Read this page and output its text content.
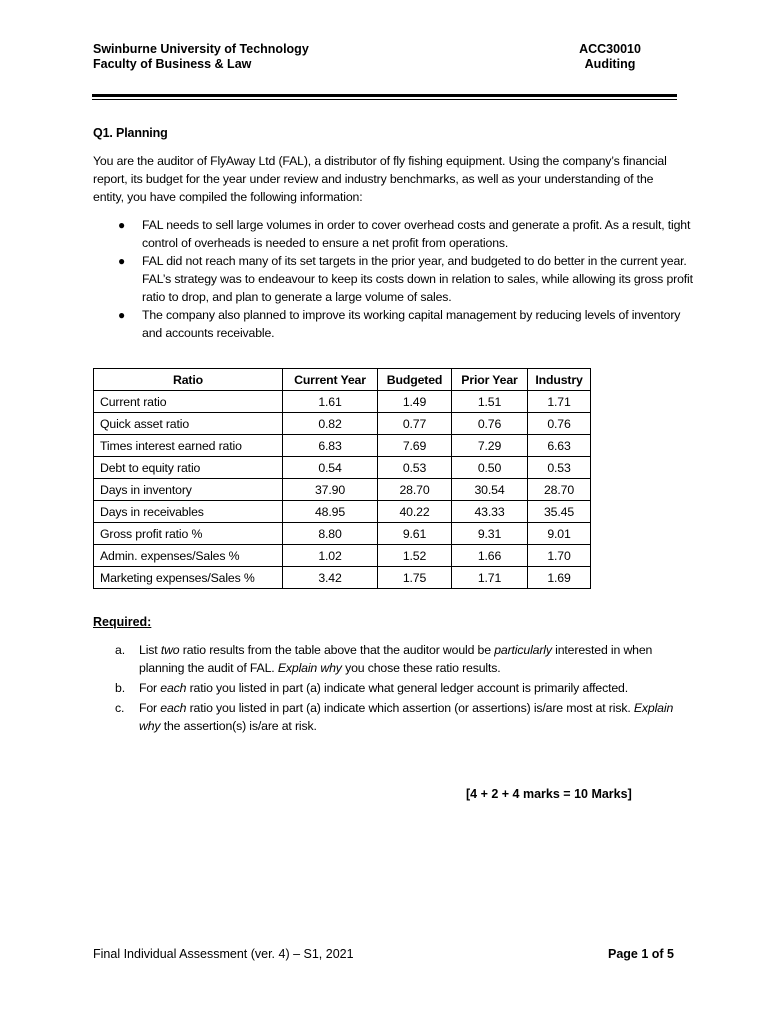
Swinburne University of Technology
Faculty of Business & Law
ACC30010
Auditing
Q1. Planning
You are the auditor of FlyAway Ltd (FAL), a distributor of fly fishing equipment. Using the company’s financial report, its budget for the year under review and industry benchmarks, as well as your understanding of the entity, you have compiled the following information:
● FAL needs to sell large volumes in order to cover overhead costs and generate a profit. As a result, tight control of overheads is needed to ensure a net profit from operations.
● FAL did not reach many of its set targets in the prior year, and budgeted to do better in the current year. FAL’s strategy was to endeavour to keep its costs down in relation to sales, while allowing its gross profit ratio to drop, and plan to generate a large volume of sales.
● The company also planned to improve its working capital management by reducing levels of inventory and accounts receivable.
Ratio	Current Year	Budgeted	Prior Year	Industry
Current ratio	1.61	1.49	1.51	1.71
Quick asset ratio	0.82	0.77	0.76	0.76
Times interest earned ratio	6.83	7.69	7.29	6.63
Debt to equity ratio	0.54	0.53	0.50	0.53
Days in inventory	37.90	28.70	30.54	28.70
Days in receivables	48.95	40.22	43.33	35.45
Gross profit ratio %	8.80	9.61	9.31	9.01
Admin. expenses/Sales %	1.02	1.52	1.66	1.70
Marketing expenses/Sales %	3.42	1.75	1.71	1.69
Required:
a. List two ratio results from the table above that the auditor would be particularly interested in when planning the audit of FAL. Explain why you chose these ratio results.
b. For each ratio you listed in part (a) indicate what general ledger account is primarily affected.
c. For each ratio you listed in part (a) indicate which assertion (or assertions) is/are most at risk. Explain why the assertion(s) is/are at risk.
[4 + 2 + 4 marks = 10 Marks]
Final Individual Assessment (ver. 4) – S1, 2021	Page 1 of 5
